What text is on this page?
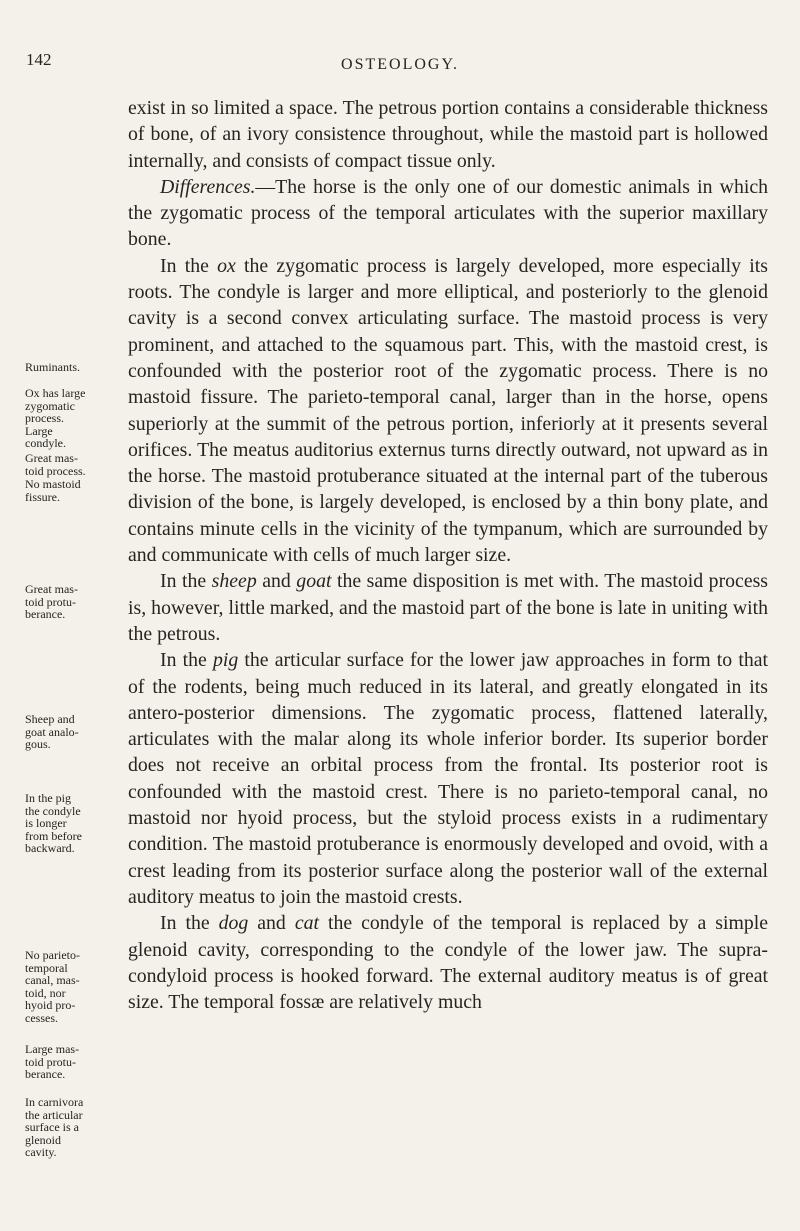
142	OSTEOLOGY.

exist in so limited a space. The petrous portion contains a considerable thickness of bone, of an ivory consistence throughout, while the mastoid part is hollowed internally, and consists of compact tissue only.

Differences.—The horse is the only one of our domestic animals in which the zygomatic process of the temporal articulates with the superior maxillary bone.

In the ox the zygomatic process is largely developed, more especially its roots. The condyle is larger and more elliptical, and posteriorly to the glenoid cavity is a second convex articulating surface. The mastoid process is very prominent, and attached to the squamous part. This, with the mastoid crest, is confounded with the posterior root of the zygomatic process. There is no mastoid fissure. The parieto-temporal canal, larger than in the horse, opens superiorly at the summit of the petrous portion, inferiorly at it presents several orifices. The meatus auditorius externus turns directly outward, not upward as in the horse. The mastoid protuberance situated at the internal part of the tuberous division of the bone, is largely developed, is enclosed by a thin bony plate, and contains minute cells in the vicinity of the tympanum, which are surrounded by and communicate with cells of much larger size.

In the sheep and goat the same disposition is met with. The mastoid process is, however, little marked, and the mastoid part of the bone is late in uniting with the petrous.

In the pig the articular surface for the lower jaw approaches in form to that of the rodents, being much reduced in its lateral, and greatly elongated in its antero-posterior dimensions. The zygomatic process, flattened laterally, articulates with the malar along its whole inferior border. Its superior border does not receive an orbital process from the frontal. Its posterior root is confounded with the mastoid crest. There is no parieto-temporal canal, no mastoid nor hyoid process, but the styloid process exists in a rudimentary condition. The mastoid protuberance is enormously developed and ovoid, with a crest leading from its posterior surface along the posterior wall of the external auditory meatus to join the mastoid crests.

In the dog and cat the condyle of the temporal is replaced by a simple glenoid cavity, corresponding to the condyle of the lower jaw. The supra-condyloid process is hooked forward. The external auditory meatus is of great size. The temporal fossæ are relatively much

Ruminants.
Ox has large
zygomatic
process.
Large
condyle.
Great mas-
toid process.
No mastoid
fissure.
Great mas-
toid protu-
berance.
Sheep and
goat analo-
gous.
In the pig
the condyle
is longer
from before
backward.
No parieto-
temporal
canal, mas-
toid, nor
hyoid pro-
cesses.
Large mas-
toid protu-
berance.
In carnivora
the articular
surface is a
glenoid
cavity.
